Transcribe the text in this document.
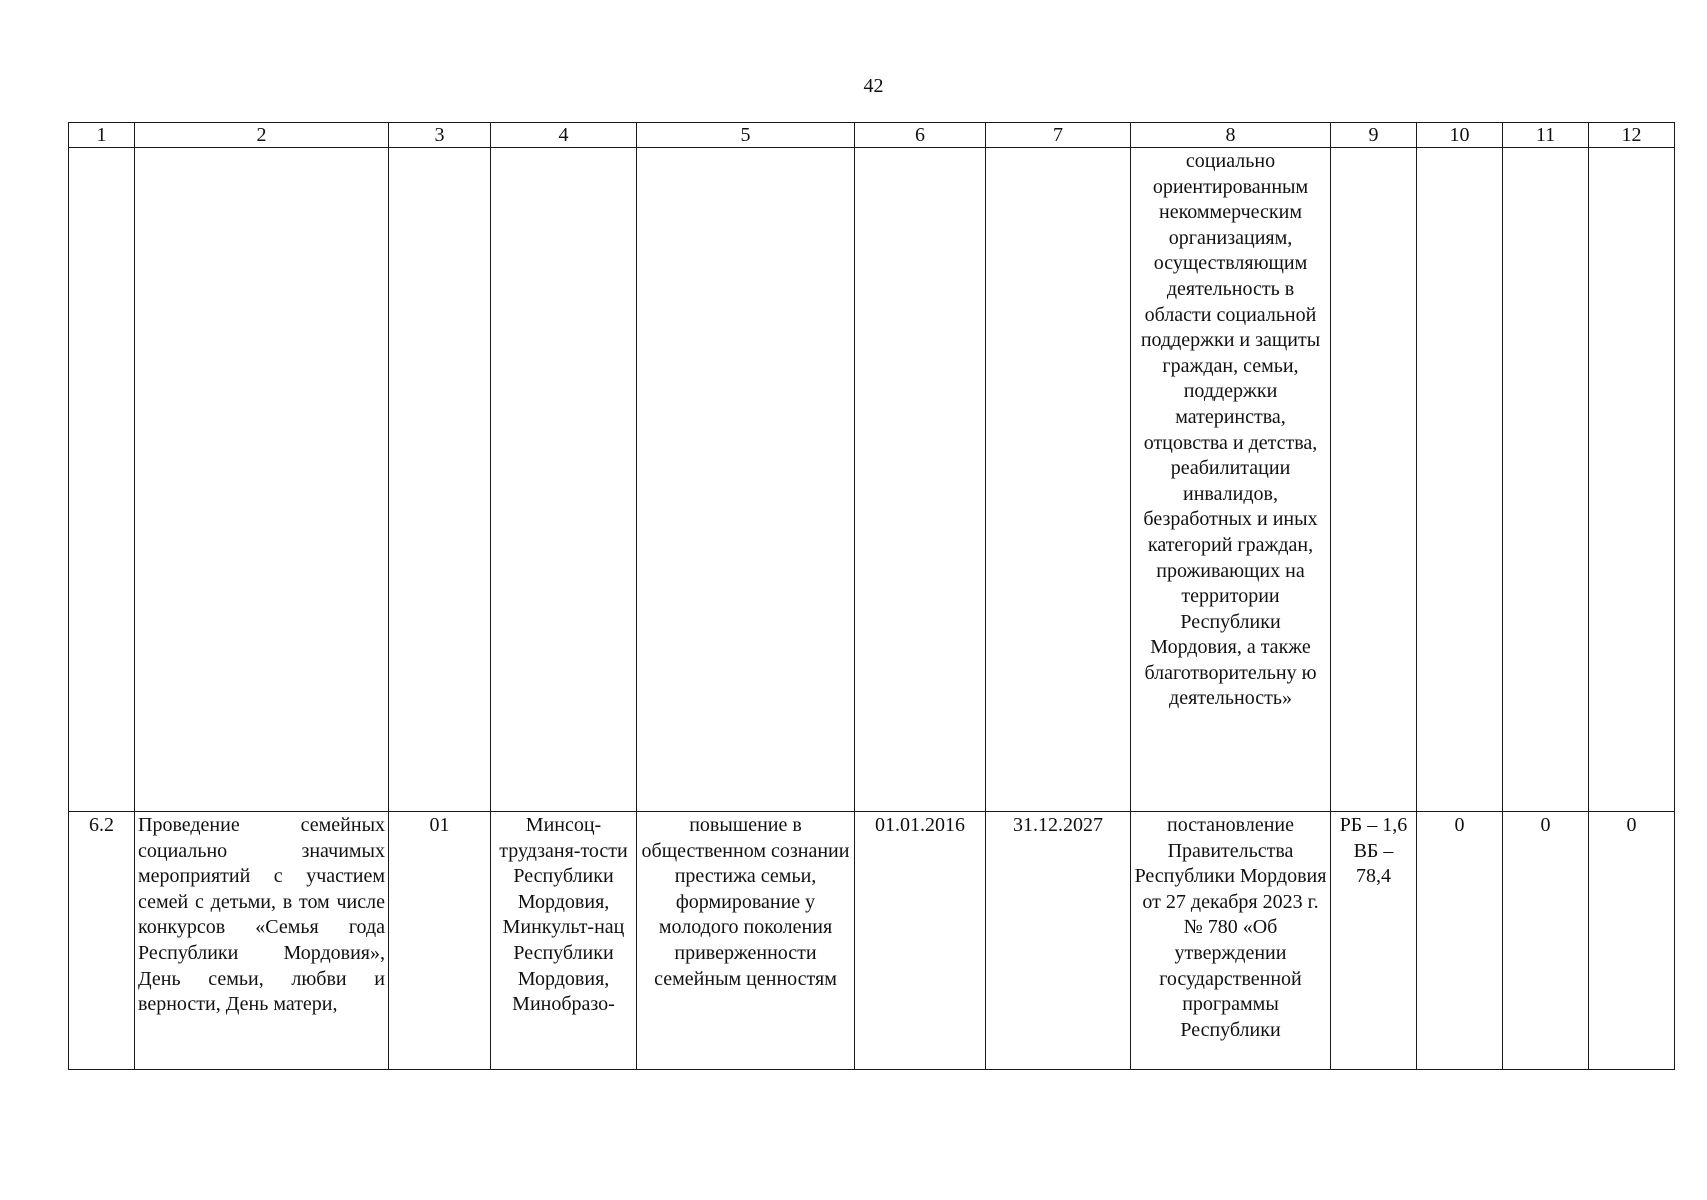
42
1	2	3	4	5	6	7	8	9	10	11	12
							социально ориентированным некоммерческим организациям, осуществляющим деятельность в области социальной поддержки и защиты граждан, семьи, поддержки материнства, отцовства и детства, реабилитации инвалидов, безработных и иных категорий граждан, проживающих на территории Республики Мордовия, а также благотворительну ю деятельность»				
6.2	Проведение семейных социально значимых мероприятий с участием семей с детьми, в том числе конкурсов «Семья года Республики Мордовия», День семьи, любви и верности, День матери,	01	Минсоц-трудзаня-тости Республики Мордовия, Минкульт-нац Республики Мордовия, Минобразо-	повышение в общественном сознании престижа семьи, формирование у молодого поколения приверженности семейным ценностям	01.01.2016	31.12.2027	постановление Правительства Республики Мордовия от 27 декабря 2023 г. № 780 «Об утверждении государственной программы Республики	РБ – 1,6 ВБ – 78,4	0	0	0
